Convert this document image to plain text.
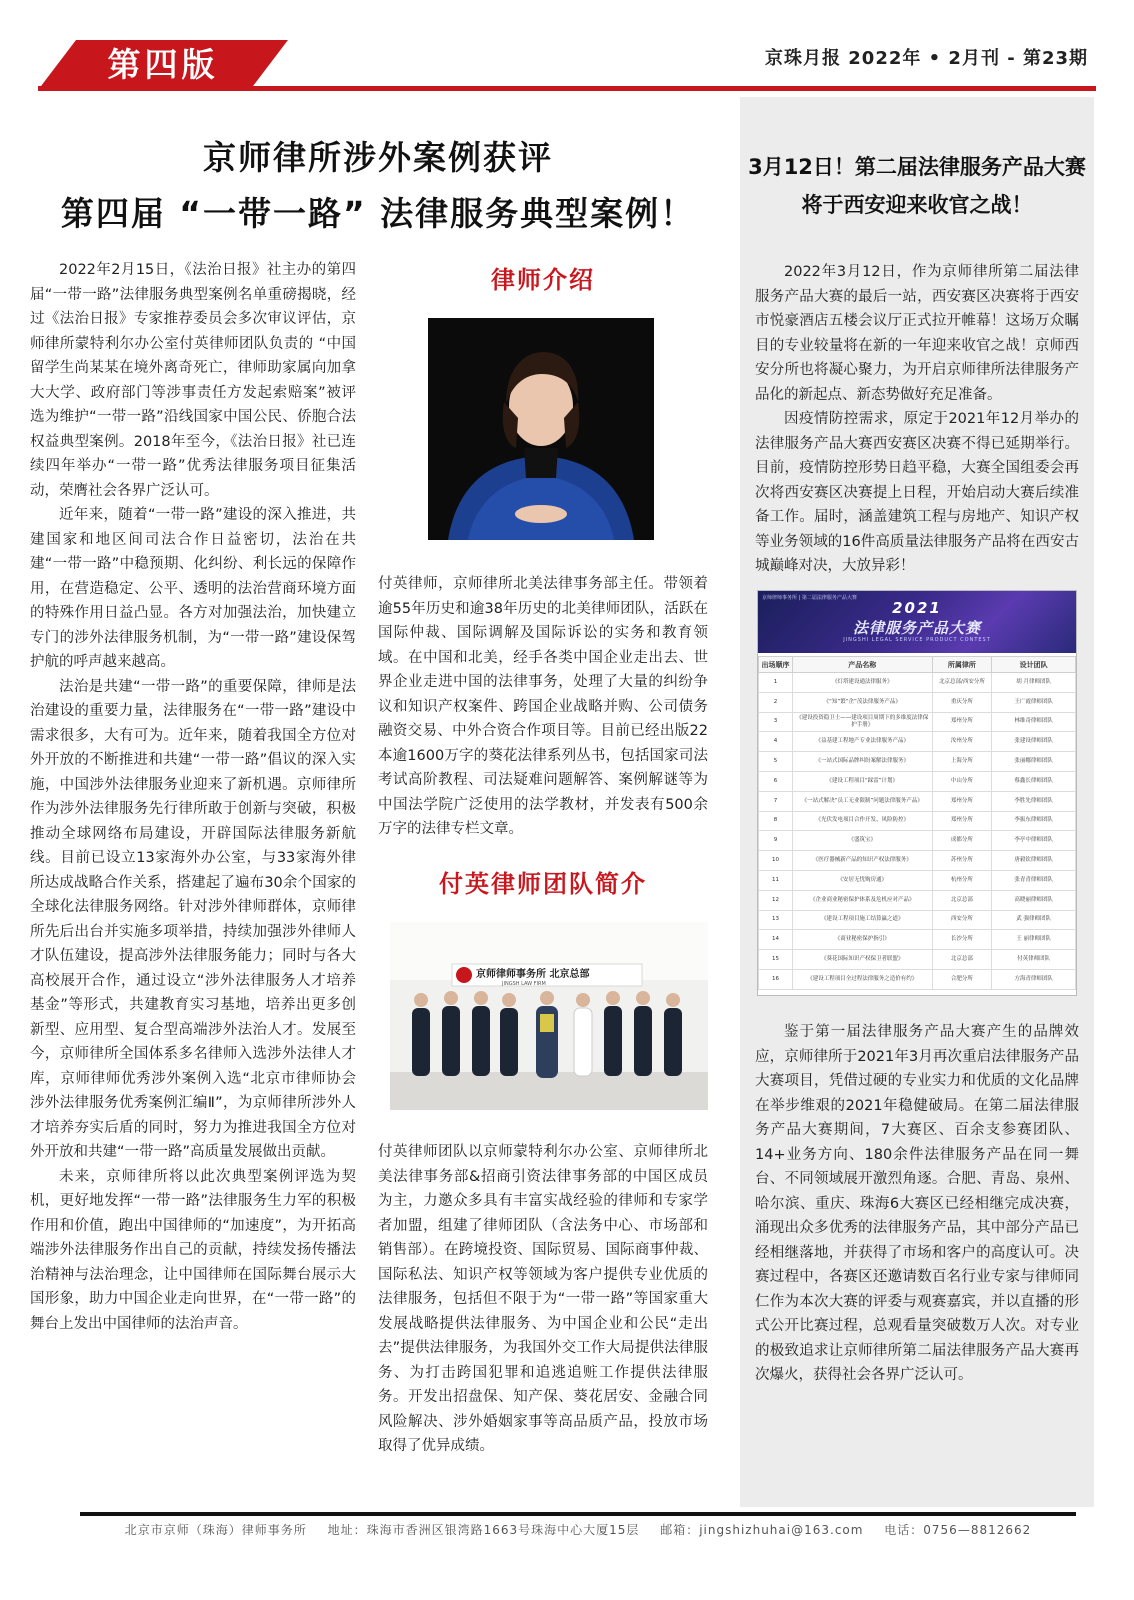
第四版	京珠月报 2022年 • 2月刊 - 第23期
3月12日！第二届法律服务产品大赛
将于西安迎来收官之战！

2022年3月12日，作为京师律所第二届法律服务产品大赛的最后一站，西安赛区决赛将于西安市悦豪酒店五楼会议厅正式拉开帷幕！这场万众瞩目的专业较量将在新的一年迎来收官之战！京师西安分所也将凝心聚力，为开启京师律所法律服务产品化的新起点、新态势做好充足准备。

因疫情防控需求，原定于2021年12月举办的法律服务产品大赛西安赛区决赛不得已延期举行。目前，疫情防控形势日趋平稳，大赛全国组委会再次将西安赛区决赛提上日程，开始启动大赛后续准备工作。届时，涵盖建筑工程与房地产、知识产权等业务领域的16件高质量法律服务产品将在西安古城巅峰对决，大放异彩！

京师律师事务所 | 第二届法律服务产品大赛
2021
法律服务产品大赛
JINGSHI LEGAL SERVICE PRODUCT CONTEST
出场顺序	产品名称	所属律所	设计团队
1	《灯塔建设通法律服务》	北京总部/西安分所	胡 月律师团队
2	《“知”繁“企”茂法律服务产品》	重庆分所	王广霞律师团队
3	《建设投资稳卫士——建设项目周期下的多维度法律保护手册》	郑州分所	林维奇律师团队
4	《益基建工程地产专业法律服务产品》	汝州分所	张建设律师团队
5	《一站式国际品牌纠纷案解法律服务》	上海分所	张丽娜律师团队
6	《建设工程项目“踩雷”计划》	中山分所	蔡鑫长律师团队
7	《一站式解决“员工无业限制”问题法律服务产品》	郑州分所	李胜先律师团队
8	《光伏发电项目合作开发、风险防控》	郑州分所	李振东律师团队
9	《盛筑宝》	成都分所	李亭中律师团队
10	《医疗器械新产品的知识产权法律服务》	苏州分所	唐毅钦律师团队
11	《安居无忧购房通》	杭州分所	张青青律师团队
12	《企业商业秘密保护体系及危机应对产品》	北京总部	高晓丽律师团队
13	《建设工程项目施工结算赢之道》	西安分所	武 强律师团队
14	《商业秘密保护指引》	长沙分所	王 丽律师团队
15	《葵花国际知识产权保卫者联盟》	北京总部	付英律师团队
16	《建设工程项目全过程法律服务之造价有约》	合肥分所	方海青律师团队

鉴于第一届法律服务产品大赛产生的品牌效应，京师律所于2021年3月再次重启法律服务产品大赛项目，凭借过硬的专业实力和优质的文化品牌在举步维艰的2021年稳健破局。在第二届法律服务产品大赛期间，7大赛区、百余支参赛团队、14+业务方向、180余件法律服务产品在同一舞台、不同领域展开激烈角逐。合肥、青岛、泉州、哈尔滨、重庆、珠海6大赛区已经相继完成决赛，涌现出众多优秀的法律服务产品，其中部分产品已经相继落地，并获得了市场和客户的高度认可。决赛过程中，各赛区还邀请数百名行业专家与律师同仁作为本次大赛的评委与观赛嘉宾，并以直播的形式公开比赛过程，总观看量突破数万人次。对专业的极致追求让京师律所第二届法律服务产品大赛再次爆火，获得社会各界广泛认可。

京师律所涉外案例获评
第四届 “一带一路” 法律服务典型案例！

2022年2月15日，《法治日报》社主办的第四届“一带一路”法律服务典型案例名单重磅揭晓，经过《法治日报》专家推荐委员会多次审议评估，京师律所蒙特利尔办公室付英律师团队负责的 “中国留学生尚某某在境外离奇死亡，律师助家属向加拿大大学、政府部门等涉事责任方发起索赔案”被评选为维护“一带一路”沿线国家中国公民、侨胞合法权益典型案例。2018年至今，《法治日报》社已连续四年举办“一带一路”优秀法律服务项目征集活动，荣膺社会各界广泛认可。

近年来，随着“一带一路”建设的深入推进，共建国家和地区间司法合作日益密切，法治在共建“一带一路”中稳预期、化纠纷、利长远的保障作用，在营造稳定、公平、透明的法治营商环境方面的特殊作用日益凸显。各方对加强法治，加快建立专门的涉外法律服务机制，为“一带一路”建设保驾护航的呼声越来越高。

法治是共建“一带一路”的重要保障，律师是法治建设的重要力量，法律服务在“一带一路”建设中需求很多，大有可为。近年来，随着我国全方位对外开放的不断推进和共建“一带一路”倡议的深入实施，中国涉外法律服务业迎来了新机遇。京师律所作为涉外法律服务先行律所敢于创新与突破，积极推动全球网络布局建设，开辟国际法律服务新航线。目前已设立13家海外办公室，与33家海外律所达成战略合作关系，搭建起了遍布30余个国家的全球化法律服务网络。针对涉外律师群体，京师律所先后出台并实施多项举措，持续加强涉外律师人才队伍建设，提高涉外法律服务能力；同时与各大高校展开合作，通过设立“涉外法律服务人才培养基金”等形式，共建教育实习基地，培养出更多创新型、应用型、复合型高端涉外法治人才。发展至今，京师律所全国体系多名律师入选涉外法律人才库，京师律师优秀涉外案例入选“北京市律师协会涉外法律服务优秀案例汇编Ⅱ”，为京师律所涉外人才培养夯实后盾的同时，努力为推进我国全方位对外开放和共建“一带一路”高质量发展做出贡献。

未来，京师律所将以此次典型案例评选为契机，更好地发挥“一带一路”法律服务生力军的积极作用和价值，跑出中国律师的“加速度”，为开拓高端涉外法律服务作出自己的贡献，持续发扬传播法治精神与法治理念，让中国律师在国际舞台展示大国形象，助力中国企业走向世界，在“一带一路”的舞台上发出中国律师的法治声音。

律师介绍

付英律师，京师律所北美法律事务部主任。带领着逾55年历史和逾38年历史的北美律师团队，活跃在国际仲裁、国际调解及国际诉讼的实务和教育领域。在中国和北美，经手各类中国企业走出去、世界企业走进中国的法律事务，处理了大量的纠纷争议和知识产权案件、跨国企业战略并购、公司债务融资交易、中外合资合作项目等。目前已经出版22本逾1600万字的葵花法律系列丛书，包括国家司法考试高阶教程、司法疑难问题解答、案例解谜等为中国法学院广泛使用的法学教材，并发表有500余万字的法律专栏文章。

付英律师团队简介
京师律师事务所 北京总部
JINGSH LAW FIRM

付英律师团队以京师蒙特利尔办公室、京师律所北美法律事务部&招商引资法律事务部的中国区成员为主，力邀众多具有丰富实战经验的律师和专家学者加盟，组建了律师团队（含法务中心、市场部和销售部）。在跨境投资、国际贸易、国际商事仲裁、国际私法、知识产权等领域为客户提供专业优质的法律服务，包括但不限于为“一带一路”等国家重大发展战略提供法律服务、为中国企业和公民“走出去”提供法律服务，为我国外交工作大局提供法律服务、为打击跨国犯罪和追逃追赃工作提供法律服务。开发出招盘保、知产保、葵花居安、金融合同风险解决、涉外婚姻家事等高品质产品，投放市场取得了优异成绩。

北京市京师（珠海）律师事务所 地址：珠海市香洲区银湾路1663号珠海中心大厦15层 邮箱：jingshizhuhai@163.com 电话：0756—8812662
